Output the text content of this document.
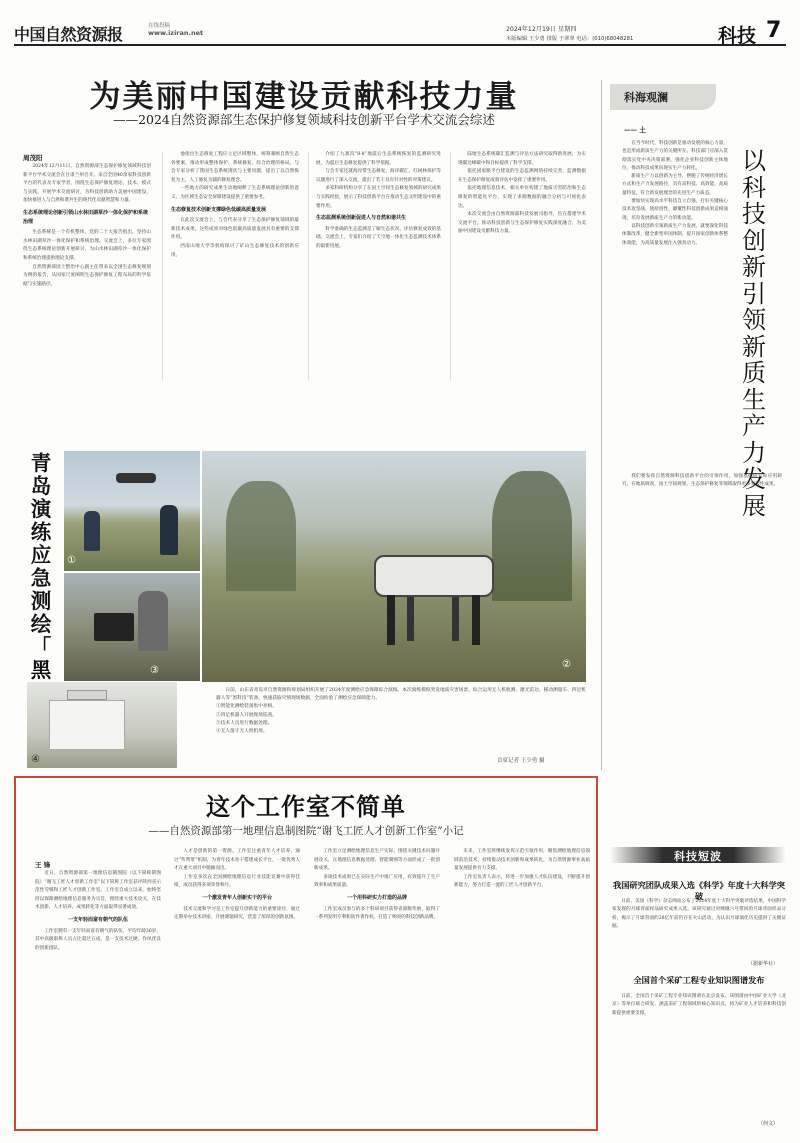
中国自然资源报	在线投稿
www.iziran.net	2024年12月19日 星期四
本版编辑 王少勇 排版 于翠翠 电话：(010)68048281	科技 7
为美丽中国建设贡献科技力量
——2024自然资源部生态保护修复领域科技创新平台学术交流会综述
周茂阳

2024年12月11日，自然资源部生态保护修复领域科技创新平台学术交流会在甘肃兰州召开。来自全国40余家科技创新平台的代表及专家学者，围绕生态保护修复理论、技术、模式与实践，开展学术交流研讨，为科技创新助力美丽中国建设、加快推进人与自然和谐共生的现代化贡献智慧和力量。

生态系统理论创新引领山水林田湖草沙一体化保护和系统治理

生态系统是一个有机整体，党的二十大报告指出，坚持山水林田湖草沙一体化保护和系统治理。交流会上，多位专家围绕生态系统理论创新开展研讨，为山水林田湖草沙一体化保护和系统治理提供理论支撑。

自然资源部国土整治中心副主任带来以全国生态修复规划为例的报告，从国家尺度阐明生态保护修复工程布局的科学依据与实施路径。

他指出生态修复工程应立足区域整体，统筹兼顾自然生态各要素，推动形成整体保护、系统修复、综合治理的格局。与会专家分析了我国生态系统现状与主要问题，提出了以自然恢复为主、人工修复为辅的修复理念。

一些地方的研究成果生动地阐释了生态系统理论创新的意义，为区域生态安全屏障建设提供了重要参考。

生态修复技术创新支撑绿色低碳高质量发展

在此次交流会上，与会代表分享了生态保护修复领域的最新技术成果，这些成果对绿色低碳高质量发展具有重要的支撑作用。

西南山地大学等机构探讨了矿山生态修复技术的创新应用。

介绍了九寨沟“8·8”地震后生态系统恢复的监测研究进展，为震后生态修复提供了科学依据。

与会专家还就海岸带生态修复、海洋碳汇、红树林保护等议题进行了深入交流，提出了若干具有针对性的对策建议。

多家科研机构分享了在国土空间生态修复领域的研究成果与实践经验，展示了科技创新平台在推动生态文明建设中的重要作用。

生态监测系统创新促进人与自然和谐共生

科学准确的生态监测是了解生态状况、评估修复成效的基础。交流会上，专家们介绍了天空地一体化生态监测技术体系的最新进展。

陆地生态系统碳汇监测与评估方法研究取得新进展，为实现碳达峰碳中和目标提供了科学支撑。

依托国家级平台建设的生态监测网络持续完善，监测数据在生态保护修复成效评估中发挥了重要作用。

依托地理信息技术，相关单位构建了地质灾害防治和生态修复的智能化平台，实现了多源数据的融合分析与可视化表达。

本次交流会由自然资源部科技发展司指导，旨在搭建学术交流平台，推动科技创新与生态保护修复实践深度融合，为美丽中国建设贡献科技力量。

青
岛
演
练
应
急
测
绘
「
黑
①
②
③
④
日前，山东省青岛市自然资源和规划局组织开展了2024年度测绘应急保障综合演练。本次演练模拟突发地质灾害场景，综合运用无人机航测、激光雷达、移动测量车、四足机器人等“黑科技”装备，快速获取灾情现场数据，全面检验了测绘应急保障能力。
①智能化测绘装备集中亮相。
②四足机器人开展现场巡查。
③技术人员进行数据处理。
④无人值守无人机机场。
首席记者 王少勇 摄
这个工作室不简单
——自然资源部第一地理信息制图院“谢飞工匠人才创新工作室”小记
王 锋

近日，自然资源部第一地理信息制图院（以下简称制图院）“谢飞工匠人才创新工作室”以下简称工作室获评陕西省示范性劳模和工匠人才创新工作室。工作室自成立以来，始终坚持以保障测绘地理信息服务为宗旨，围绕重大技术攻关，在技术创新、人才培养、成果转化等方面取得显著成效。

一支年轻而富有朝气的队伍

工作室拥有一支年轻而富有朝气的队伍，平均年龄36岁，其中高级职称人员占比超过五成，是一支技术过硬、作风优良的创新团队。

人才是创新的第一资源。工作室注重青年人才培养，通过“传帮带”机制，为青年技术骨干搭建成长平台，一批优秀人才在重大项目中脱颖而出。

工作室多次在全国测绘地理信息行业技能竞赛中获得佳绩，成员获得多项荣誉称号。

一个激发青年人创新实干的平台

技术交流和学习是工作室提升创新能力的重要途径，通过定期举办技术讲座、开展课题研究，营造了浓厚的创新氛围。

工作室立足测绘地理信息生产实际，围绕关键技术问题开展攻关，在地理信息数据处理、智能制图等方面形成了一批创新成果。

多项技术成果已在实际生产中推广应用，有效提升了生产效率和成果质量。

一个用科研实力打造的品牌

工作室成员参与的多个科研项目获得省部级奖励，取得了一系列发明专利和软件著作权，打造了响亮的科技创新品牌。

未来，工作室将继续发挥示范引领作用，聚焦测绘地理信息领域前沿技术，持续推动技术创新和成果转化，为自然资源事业高质量发展提供有力支撑。

工作室负责人表示，将进一步加强人才队伍建设，不断提升创新能力，努力打造一流的工匠人才创新平台。

科海观澜
—— 土
以
科
技
创
新
引
领
新
质
生
产
力
发
展

在当今时代，科技创新是驱动发展的核心力量，也是形成新质生产力的关键所在。科技部门应深入贯彻落实党中央决策部署，强化企业科技创新主体地位，推动科技成果向现实生产力转化。

新质生产力以创新为主导，摆脱了传统经济增长方式和生产力发展路径，具有高科技、高效能、高质量特征，符合新发展理念的先进生产力质态。

要加快实现高水平科技自立自强，打好关键核心技术攻坚战，使原创性、颠覆性科技创新成果竞相涌现，培育发展新质生产力的新动能。

以科技创新引领新质生产力发展，就要深化科技体制改革，健全新型举国体制，提升国家创新体系整体效能，为高质量发展注入强劲动力。

我们要发挥自然资源科技创新平台的引领作用，加强基础研究和应用研究，在地质调查、国土空间规划、生态保护修复等领域取得更多突破性成果。

科技短波
我国研究团队成果入选《科学》年度十大科学突破

日前，美国《科学》杂志网站公布了2024年度十大科学突破评选结果，中国科学家发现的月球背面样品研究成果入选。该研究通过对嫦娥六号带回的月球背面样品分析，揭示了月球背面约28亿年前仍存在火山活动，为认识月球演化历史提供了关键证据。

（据新华社）
全国首个采矿工程专业知识图谱发布

日前，全国首个采矿工程专业知识图谱在北京发布。该图谱由中国矿业大学（北京）等单位联合研发，涵盖采矿工程领域的核心知识点，将为矿业人才培养和科技创新提供重要支撑。

（何文）
